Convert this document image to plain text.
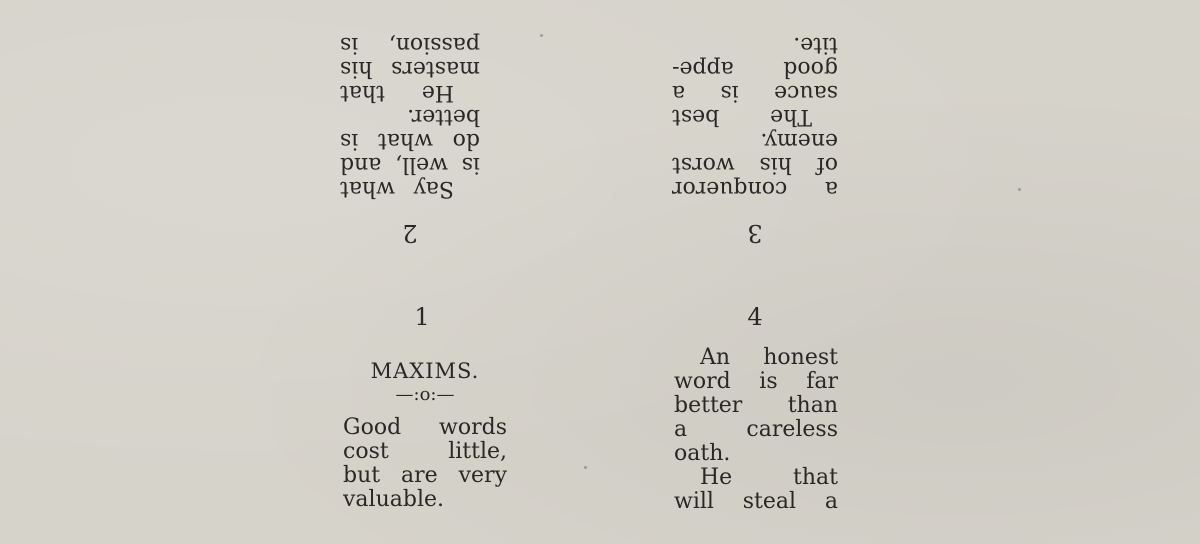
2
Say what
is well, and
do what is
better.
He that
masters his
passion, is
3
a conqueror
of his worst
enemy.
The best
sauce is a
good appe-
tite.
1
MAXIMS.
—:o:—
Good words
cost little,
but are very
valuable.
4
An honest
word is far
better than
a careless
oath.
He that
will steal a
